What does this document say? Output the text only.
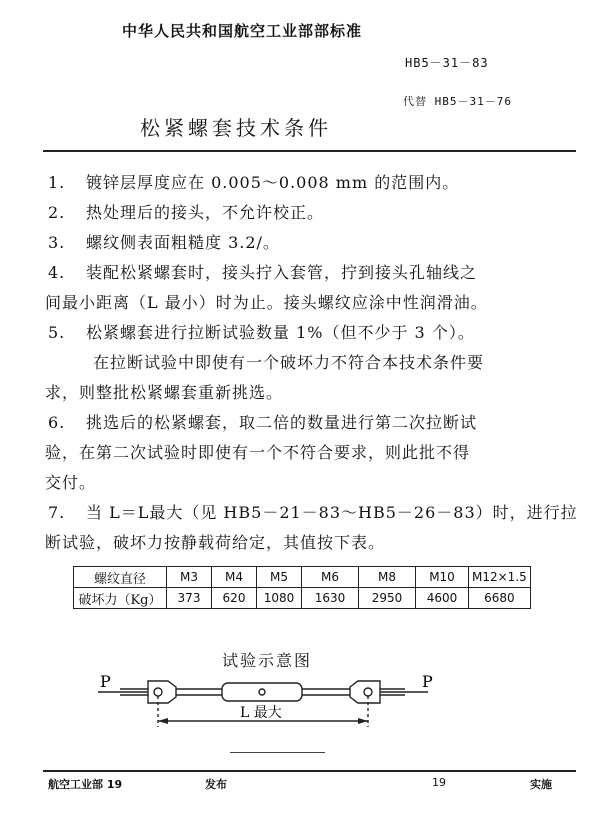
中华人民共和国航空工业部部标准
HB5－31－83
代替 HB5－31－76
松紧螺套技术条件
1. 镀锌层厚度应在 0.005～0.008 mm 的范围内。
2. 热处理后的接头，不允许校正。
3. 螺纹侧表面粗糙度 3.2/。
4. 装配松紧螺套时，接头拧入套管，拧到接头孔轴线之
间最小距离（L 最小）时为止。接头螺纹应涂中性润滑油。
5. 松紧螺套进行拉断试验数量 1%（但不少于 3 个）。
在拉断试验中即使有一个破坏力不符合本技术条件要
求，则整批松紧螺套重新挑选。
6. 挑选后的松紧螺套，取二倍的数量进行第二次拉断试
验，在第二次试验时即使有一个不符合要求，则此批不得
交付。
7. 当 L＝L最大（见 HB5－21－83～HB5－26－83）时，进行拉
断试验，破坏力按静载荷给定，其值按下表。
螺纹直径	M3	M4	M5	M6	M8	M10	M12×1.5
破坏力（Kg）	373	620	1080	1630	2950	4600	6680
试验示意图
P	P
L 最大
航空工业部 19	发布	19	实施
